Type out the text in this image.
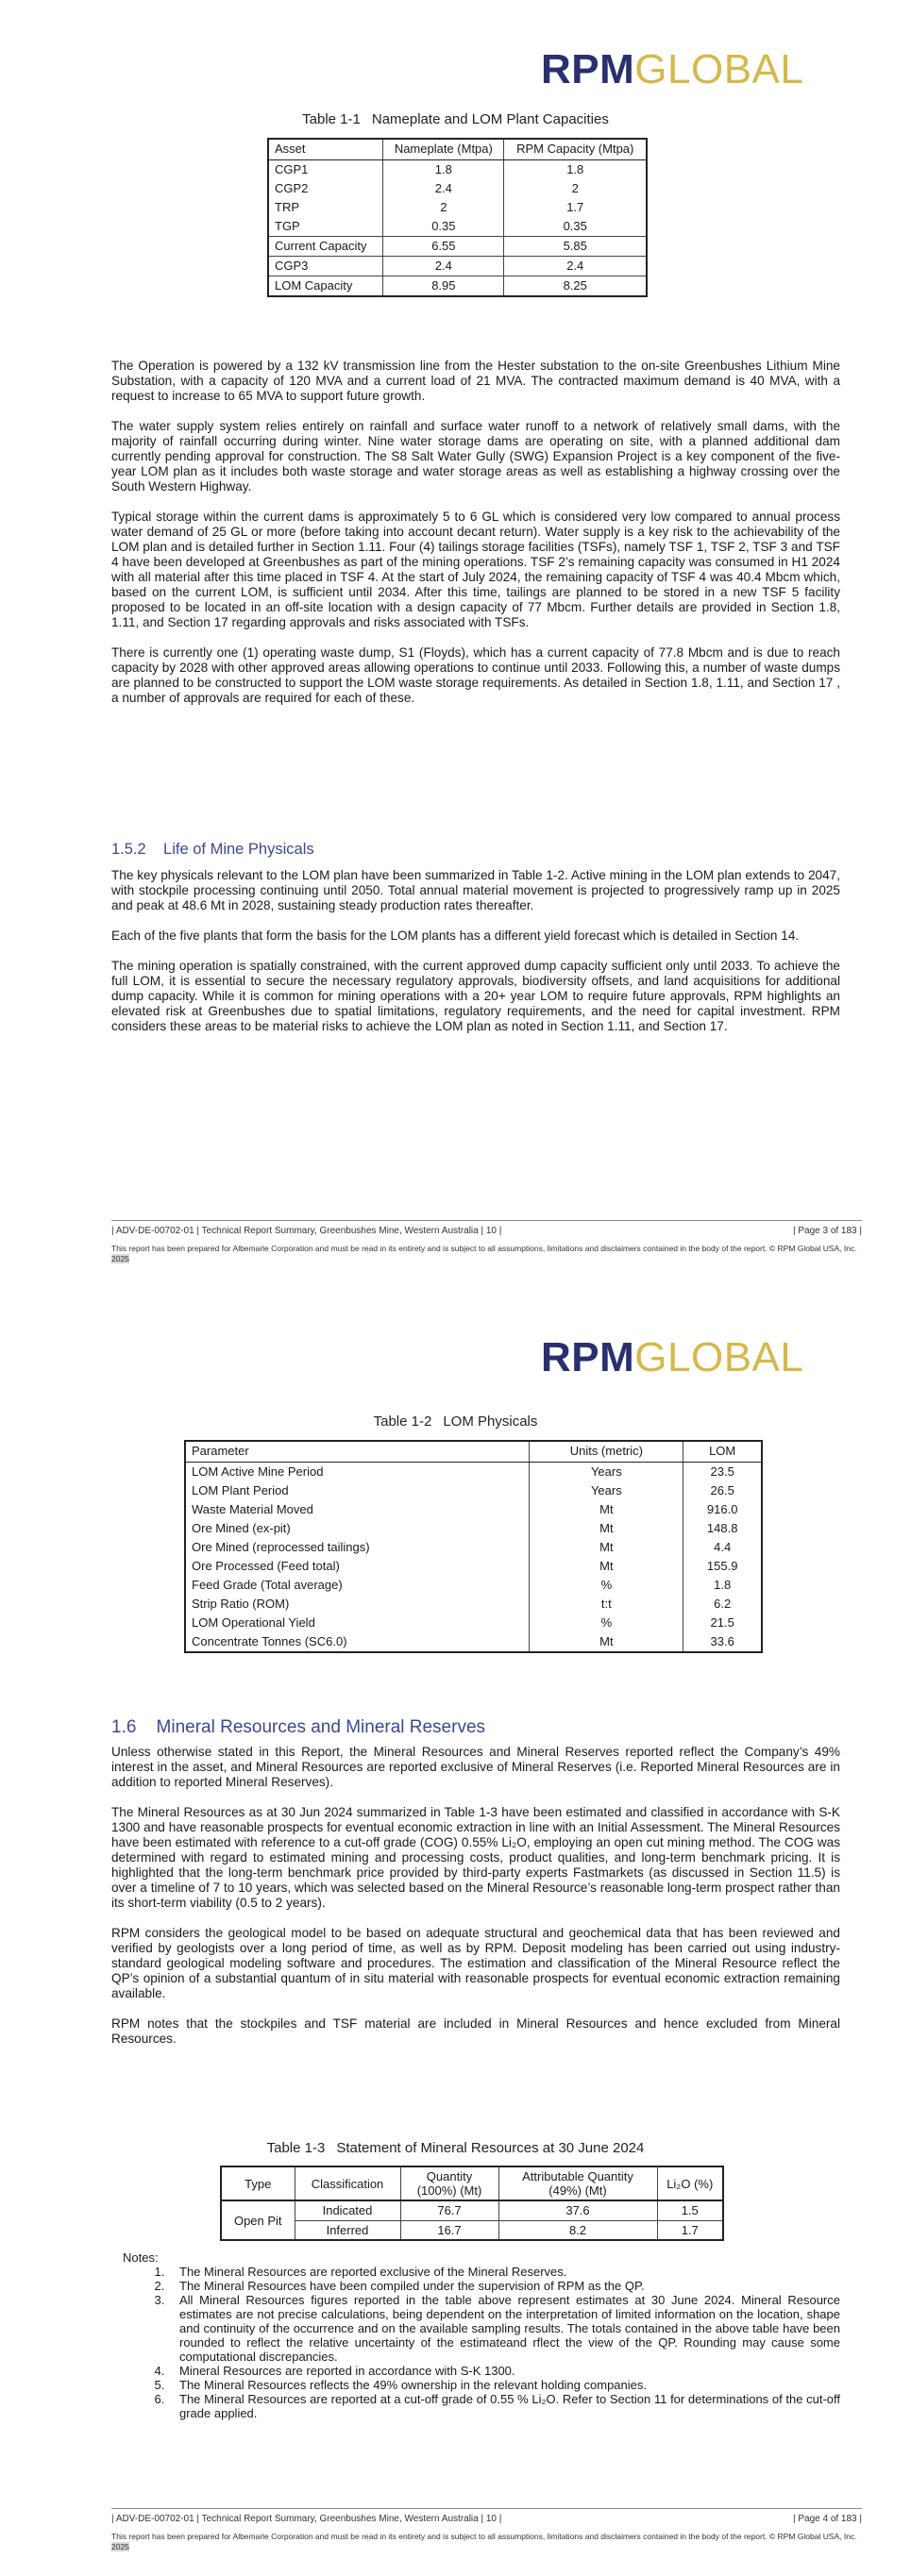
RPMGLOBAL
Table 1-1 Nameplate and LOM Plant Capacities
Asset	Nameplate (Mtpa)	RPM Capacity (Mtpa)
CGP1	1.8	1.8
CGP2	2.4	2
TRP	2	1.7
TGP	0.35	0.35
Current Capacity	6.55	5.85
CGP3	2.4	2.4
LOM Capacity	8.95	8.25

The Operation is powered by a 132 kV transmission line from the Hester substation to the on-site Greenbushes Lithium Mine Substation, with a capacity of 120 MVA and a current load of 21 MVA. The contracted maximum demand is 40 MVA, with a request to increase to 65 MVA to support future growth.

The water supply system relies entirely on rainfall and surface water runoff to a network of relatively small dams, with the majority of rainfall occurring during winter. Nine water storage dams are operating on site, with a planned additional dam currently pending approval for construction. The S8 Salt Water Gully (SWG) Expansion Project is a key component of the five-year LOM plan as it includes both waste storage and water storage areas as well as establishing a highway crossing over the South Western Highway.

Typical storage within the current dams is approximately 5 to 6 GL which is considered very low compared to annual process water demand of 25 GL or more (before taking into account decant return). Water supply is a key risk to the achievability of the LOM plan and is detailed further in Section 1.11. Four (4) tailings storage facilities (TSFs), namely TSF 1, TSF 2, TSF 3 and TSF 4 have been developed at Greenbushes as part of the mining operations. TSF 2’s remaining capacity was consumed in H1 2024 with all material after this time placed in TSF 4. At the start of July 2024, the remaining capacity of TSF 4 was 40.4 Mbcm which, based on the current LOM, is sufficient until 2034. After this time, tailings are planned to be stored in a new TSF 5 facility proposed to be located in an off-site location with a design capacity of 77 Mbcm. Further details are provided in Section 1.8, 1.11, and Section 17 regarding approvals and risks associated with TSFs.

There is currently one (1) operating waste dump, S1 (Floyds), which has a current capacity of 77.8 Mbcm and is due to reach capacity by 2028 with other approved areas allowing operations to continue until 2033. Following this, a number of waste dumps are planned to be constructed to support the LOM waste storage requirements. As detailed in Section 1.8, 1.11, and Section 17 , a number of approvals are required for each of these.

1.5.2 Life of Mine Physicals

The key physicals relevant to the LOM plan have been summarized in Table 1-2. Active mining in the LOM plan extends to 2047, with stockpile processing continuing until 2050. Total annual material movement is projected to progressively ramp up in 2025 and peak at 48.6 Mt in 2028, sustaining steady production rates thereafter.

Each of the five plants that form the basis for the LOM plants has a different yield forecast which is detailed in Section 14.

The mining operation is spatially constrained, with the current approved dump capacity sufficient only until 2033. To achieve the full LOM, it is essential to secure the necessary regulatory approvals, biodiversity offsets, and land acquisitions for additional dump capacity. While it is common for mining operations with a 20+ year LOM to require future approvals, RPM highlights an elevated risk at Greenbushes due to spatial limitations, regulatory requirements, and the need for capital investment. RPM considers these areas to be material risks to achieve the LOM plan as noted in Section 1.11, and Section 17.

| ADV-DE-00702-01 | Technical Report Summary, Greenbushes Mine, Western Australia | 10 |	| Page 3 of 183 |
This report has been prepared for Albemarle Corporation and must be read in its entirety and is subject to all assumptions, limitations and disclaimers contained in the body of the report. © RPM Global USA, Inc. 2025
RPMGLOBAL
Table 1-2 LOM Physicals
Parameter	Units (metric)	LOM
LOM Active Mine Period	Years	23.5
LOM Plant Period	Years	26.5
Waste Material Moved	Mt	916.0
Ore Mined (ex-pit)	Mt	148.8
Ore Mined (reprocessed tailings)	Mt	4.4
Ore Processed (Feed total)	Mt	155.9
Feed Grade (Total average)	%	1.8
Strip Ratio (ROM)	t:t	6.2
LOM Operational Yield	%	21.5
Concentrate Tonnes (SC6.0)	Mt	33.6
1.6 Mineral Resources and Mineral Reserves

Unless otherwise stated in this Report, the Mineral Resources and Mineral Reserves reported reflect the Company’s 49% interest in the asset, and Mineral Resources are reported exclusive of Mineral Reserves (i.e. Reported Mineral Resources are in addition to reported Mineral Reserves).

The Mineral Resources as at 30 Jun 2024 summarized in Table 1-3 have been estimated and classified in accordance with S-K 1300 and have reasonable prospects for eventual economic extraction in line with an Initial Assessment. The Mineral Resources have been estimated with reference to a cut-off grade (COG) 0.55% Li₂O, employing an open cut mining method. The COG was determined with regard to estimated mining and processing costs, product qualities, and long-term benchmark pricing. It is highlighted that the long-term benchmark price provided by third-party experts Fastmarkets (as discussed in Section 11.5) is over a timeline of 7 to 10 years, which was selected based on the Mineral Resource’s reasonable long-term prospect rather than its short-term viability (0.5 to 2 years).

RPM considers the geological model to be based on adequate structural and geochemical data that has been reviewed and verified by geologists over a long period of time, as well as by RPM. Deposit modeling has been carried out using industry-standard geological modeling software and procedures. The estimation and classification of the Mineral Resource reflect the QP’s opinion of a substantial quantum of in situ material with reasonable prospects for eventual economic extraction remaining available.

RPM notes that the stockpiles and TSF material are included in Mineral Resources and hence excluded from Mineral Resources.

Table 1-3 Statement of Mineral Resources at 30 June 2024
Type	Classification	Quantity (100%) (Mt)	Attributable Quantity (49%) (Mt)	Li₂O (%)
Open Pit	Indicated	76.7	37.6	1.5
	Inferred	16.7	8.2	1.7
Notes:
1. The Mineral Resources are reported exclusive of the Mineral Reserves.
2. The Mineral Resources have been compiled under the supervision of RPM as the QP.
3. All Mineral Resources figures reported in the table above represent estimates at 30 June 2024. Mineral Resource estimates are not precise calculations, being dependent on the interpretation of limited information on the location, shape and continuity of the occurrence and on the available sampling results. The totals contained in the above table have been rounded to reflect the relative uncertainty of the estimateand rflect the view of the QP. Rounding may cause some computational discrepancies.
4. Mineral Resources are reported in accordance with S-K 1300.
5. The Mineral Resources reflects the 49% ownership in the relevant holding companies.
6. The Mineral Resources are reported at a cut-off grade of 0.55 % Li₂O. Refer to Section 11 for determinations of the cut-off grade applied.
| ADV-DE-00702-01 | Technical Report Summary, Greenbushes Mine, Western Australia | 10 |	| Page 4 of 183 |
This report has been prepared for Albemarle Corporation and must be read in its entirety and is subject to all assumptions, limitations and disclaimers contained in the body of the report. © RPM Global USA, Inc. 2025
